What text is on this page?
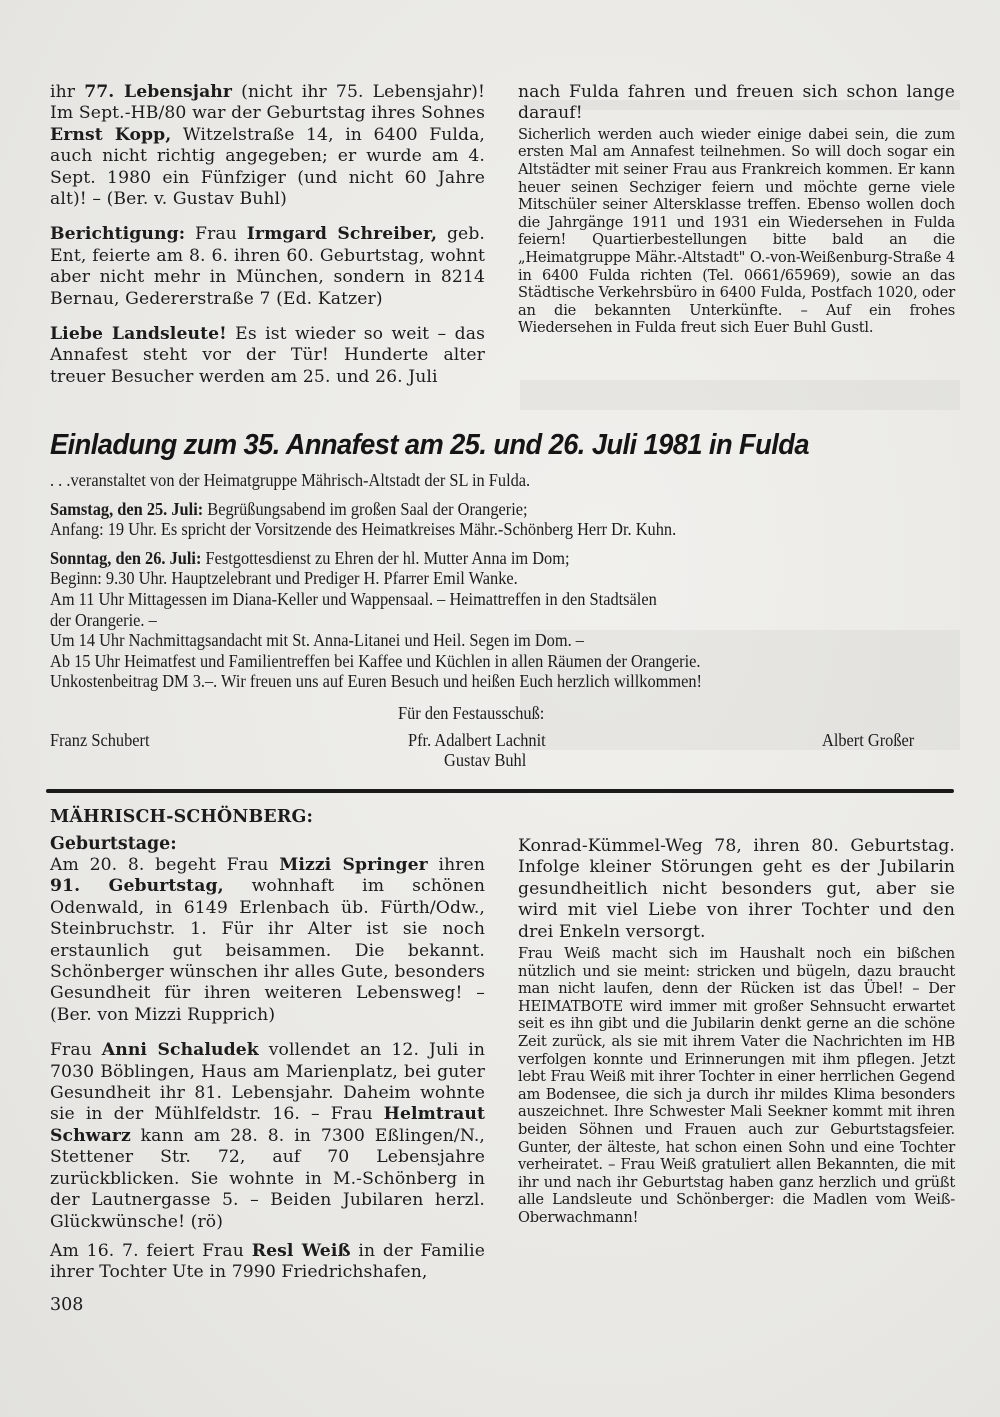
ihr 77. Lebensjahr (nicht ihr 75. Lebensjahr)! Im Sept.-HB/80 war der Geburtstag ihres Sohnes Ernst Kopp, Witzelstraße 14, in 6400 Fulda, auch nicht richtig angegeben; er wurde am 4. Sept. 1980 ein Fünfziger (und nicht 60 Jahre alt)! – (Ber. v. Gustav Buhl)

Berichtigung: Frau Irmgard Schreiber, geb. Ent, feierte am 8. 6. ihren 60. Geburtstag, wohnt aber nicht mehr in München, sondern in 8214 Bernau, Gedererstraße 7 (Ed. Katzer)

Liebe Landsleute! Es ist wieder so weit – das Annafest steht vor der Tür! Hunderte alter treuer Besucher werden am 25. und 26. Juli

nach Fulda fahren und freuen sich schon lange darauf!

Sicherlich werden auch wieder einige dabei sein, die zum ersten Mal am Annafest teilnehmen. So will doch sogar ein Altstädter mit seiner Frau aus Frankreich kommen. Er kann heuer seinen Sechziger feiern und möchte gerne viele Mitschüler seiner Altersklasse treffen. Ebenso wollen doch die Jahrgänge 1911 und 1931 ein Wiedersehen in Fulda feiern! Quartierbestellungen bitte bald an die „Heimatgruppe Mähr.-Altstadt" O.-von-Weißenburg-Straße 4 in 6400 Fulda richten (Tel. 0661/65969), sowie an das Städtische Verkehrsbüro in 6400 Fulda, Postfach 1020, oder an die bekannten Unterkünfte. – Auf ein frohes Wiedersehen in Fulda freut sich Euer Buhl Gustl.

Einladung zum 35. Annafest am 25. und 26. Juli 1981 in Fulda
. . .veranstaltet von der Heimatgruppe Mährisch-Altstadt der SL in Fulda.
Samstag, den 25. Juli: Begrüßungsabend im großen Saal der Orangerie;
Anfang: 19 Uhr. Es spricht der Vorsitzende des Heimatkreises Mähr.-Schönberg Herr Dr. Kuhn.
Sonntag, den 26. Juli: Festgottesdienst zu Ehren der hl. Mutter Anna im Dom;
Beginn: 9.30 Uhr. Hauptzelebrant und Prediger H. Pfarrer Emil Wanke.
Am 11 Uhr Mittagessen im Diana-Keller und Wappensaal. – Heimattreffen in den Stadtsälen
der Orangerie. –
Um 14 Uhr Nachmittagsandacht mit St. Anna-Litanei und Heil. Segen im Dom. –
Ab 15 Uhr Heimatfest und Familientreffen bei Kaffee und Küchlen in allen Räumen der Orangerie.
Unkostenbeitrag DM 3.–. Wir freuen uns auf Euren Besuch und heißen Euch herzlich willkommen!
Für den Festausschuß:
Franz Schubert	Pfr. Adalbert Lachnit	Albert Großer
Gustav Buhl
MÄHRISCH-SCHÖNBERG:
Geburtstage:

Am 20. 8. begeht Frau Mizzi Springer ihren 91. Geburtstag, wohnhaft im schönen Odenwald, in 6149 Erlenbach üb. Fürth/Odw., Steinbruchstr. 1. Für ihr Alter ist sie noch erstaunlich gut beisammen. Die bekannt. Schönberger wünschen ihr alles Gute, besonders Gesundheit für ihren weiteren Lebensweg! – (Ber. von Mizzi Rupprich)

Frau Anni Schaludek vollendet an 12. Juli in 7030 Böblingen, Haus am Marienplatz, bei guter Gesundheit ihr 81. Lebensjahr. Daheim wohnte sie in der Mühlfeldstr. 16. – Frau Helmtraut Schwarz kann am 28. 8. in 7300 Eßlingen/N., Stettener Str. 72, auf 70 Lebensjahre zurückblicken. Sie wohnte in M.-Schönberg in der Lautnergasse 5. – Beiden Jubilaren herzl. Glückwünsche! (rö)

Am 16. 7. feiert Frau Resl Weiß in der Familie ihrer Tochter Ute in 7990 Friedrichshafen,

Konrad-Kümmel-Weg 78, ihren 80. Geburtstag. Infolge kleiner Störungen geht es der Jubilarin gesundheitlich nicht besonders gut, aber sie wird mit viel Liebe von ihrer Tochter und den drei Enkeln versorgt.

Frau Weiß macht sich im Haushalt noch ein bißchen nützlich und sie meint: stricken und bügeln, dazu braucht man nicht laufen, denn der Rücken ist das Übel! – Der HEIMATBOTE wird immer mit großer Sehnsucht erwartet seit es ihn gibt und die Jubilarin denkt gerne an die schöne Zeit zurück, als sie mit ihrem Vater die Nachrichten im HB verfolgen konnte und Erinnerungen mit ihm pflegen. Jetzt lebt Frau Weiß mit ihrer Tochter in einer herrlichen Gegend am Bodensee, die sich ja durch ihr mildes Klima besonders auszeichnet. Ihre Schwester Mali Seekner kommt mit ihren beiden Söhnen und Frauen auch zur Geburtstagsfeier. Gunter, der älteste, hat schon einen Sohn und eine Tochter verheiratet. – Frau Weiß gratuliert allen Bekannten, die mit ihr und nach ihr Geburtstag haben ganz herzlich und grüßt alle Landsleute und Schönberger: die Madlen vom Weiß-Oberwachmann!

308
